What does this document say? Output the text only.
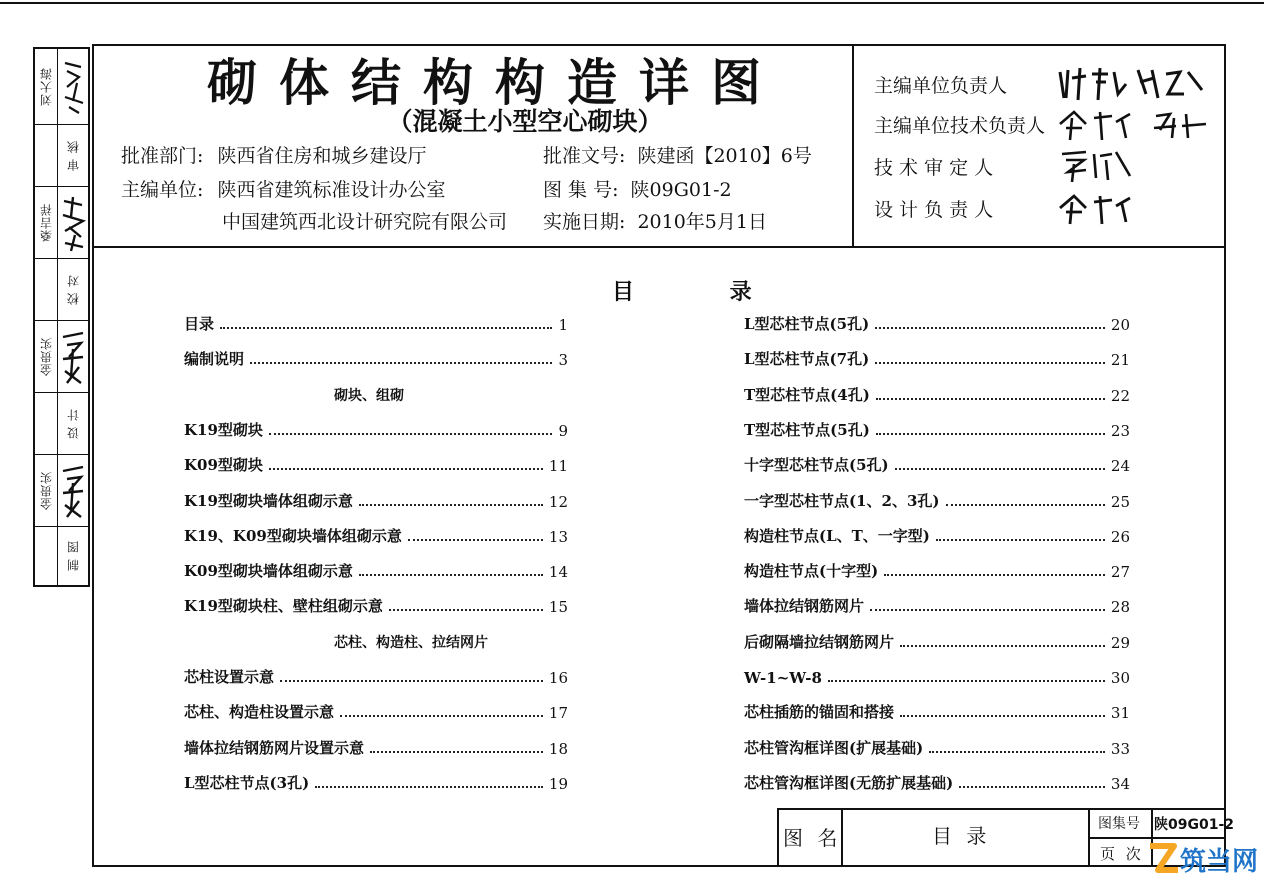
刘大海
审 核
桑吉祥
校 对
金贵实
设 计
金贵实
制 图
砌体结构构造详图
（混凝土小型空心砌块）
批准部门: 陕西省住房和城乡建设厅
主编单位: 陕西省建筑标准设计办公室
中国建筑西北设计研究院有限公司
批准文号: 陕建函【2010】6号
图 集 号: 陕09G01-2
实施日期: 2010年5月1日
主编单位负责人
主编单位技术负责人
技 术 审 定 人
设 计 负 责 人
目 录
目录	1
编制说明	3
砌块、组砌
K19型砌块	9
K09型砌块	11
K19型砌块墙体组砌示意	12
K19、K09型砌块墙体组砌示意	13
K09型砌块墙体组砌示意	14
K19型砌块柱、壁柱组砌示意	15
芯柱、构造柱、拉结网片
芯柱设置示意	16
芯柱、构造柱设置示意	17
墙体拉结钢筋网片设置示意	18
L型芯柱节点(3孔)	19
L型芯柱节点(5孔)	20
L型芯柱节点(7孔)	21
T型芯柱节点(4孔)	22
T型芯柱节点(5孔)	23
十字型芯柱节点(5孔)	24
一字型芯柱节点(1、2、3孔)	25
构造柱节点(L、T、一字型)	26
构造柱节点(十字型)	27
墙体拉结钢筋网片	28
后砌隔墙拉结钢筋网片	29
W-1~W-8	30
芯柱插筋的锚固和搭接	31
芯柱管沟框详图(扩展基础)	33
芯柱管沟框详图(无筋扩展基础)	34
图 名	目 录	图集号 陕09G01-2
页 次 筑当网
